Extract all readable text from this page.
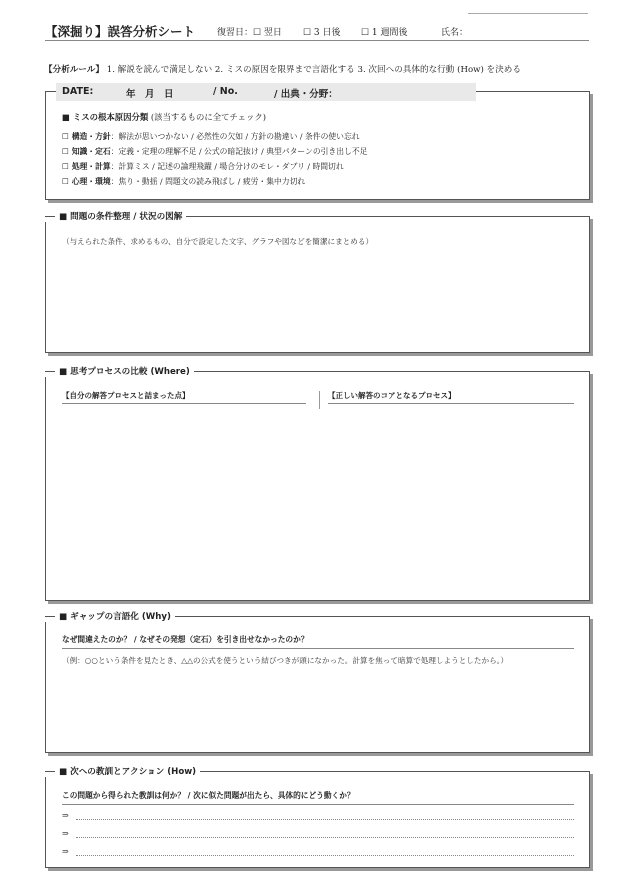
【深掘り】誤答分析シート 復習日：☐ 翌日 ☐ 3 日後 ☐ 1 週間後	氏名：
【分析ルール】 1. 解説を読んで満足しない 2. ミスの原因を限界まで言語化する 3. 次回への具体的な行動 (How) を決める
DATE:	年　月　日	/ No.	/ 出典・分野：
■ ミスの根本原因分類 (該当するものに全てチェック)
☐ 構造・方針：解法が思いつかない / 必然性の欠如 / 方針の勘違い / 条件の使い忘れ
☐ 知識・定石：定義・定理の理解不足 / 公式の暗記抜け / 典型パターンの引き出し不足
☐ 処理・計算：計算ミス / 記述の論理飛躍 / 場合分けのモレ・ダブリ / 時間切れ
☐ 心理・環境：焦り・動揺 / 問題文の読み飛ばし / 疲労・集中力切れ
■ 問題の条件整理 / 状況の図解
（与えられた条件、求めるもの、自分で設定した文字、グラフや図などを簡潔にまとめる）
■ 思考プロセスの比較 (Where)
【自分の解答プロセスと詰まった点】	【正しい解答のコアとなるプロセス】
■ ギャップの言語化 (Why)
なぜ間違えたのか？ / なぜその発想（定石）を引き出せなかったのか？
（例：○○という条件を見たとき、△△の公式を使うという結びつきが頭になかった。計算を焦って暗算で処理しようとしたから。）
■ 次への教訓とアクション (How)
この問題から得られた教訓は何か？ / 次に似た問題が出たら、具体的にどう動くか？
⇒
⇒
⇒
